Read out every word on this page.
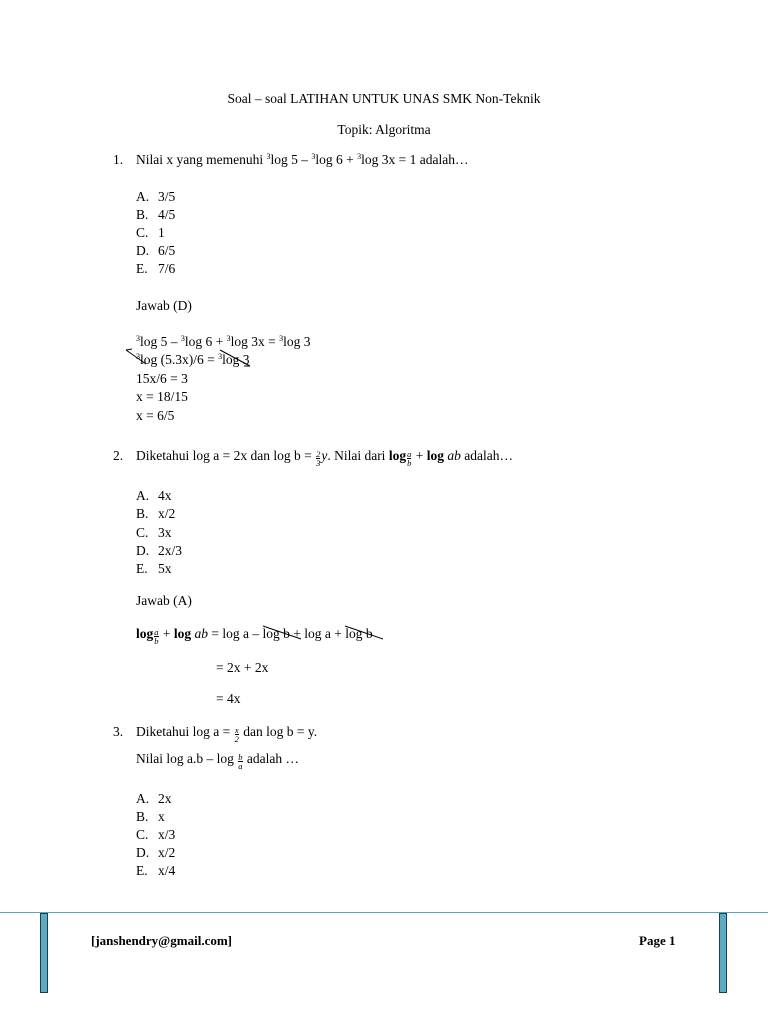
Soal – soal LATIHAN UNTUK UNAS SMK Non-Teknik
Topik: Algoritma
1. Nilai x yang memenuhi $^3$log 5 – $^3$log 6 + $^3$log 3x = 1 adalah…
A. 3/5
B. 4/5
C. 1
D. 6/5
E. 7/6
Jawab (D)
$^3$log 5 – $^3$log 6 + $^3$log 3x = $^3$log 3
$^3$log (5.3x)/6 = $^3$log 3
15x/6 = 3
x = 18/15
x = 6/5
2. Diketahui log a = 2x dan $\log b = \frac{2}{3} y$. Nilai dari $\log \frac{a}{b} + \log$ ab adalah…
A. 4x
B. x/2
C. 3x
D. 2x/3
E. 5x
Jawab (A)
$\log \frac{a}{b} + \log$ ab = log a – log b
+ log a + log b
= 2x + 2x
= 4x
3. Diketahui $\log a = \frac{x}{2}$ dan log b = y.
Nilai $\log a.b - \log \frac{b}{a}$ adalah …
A. 2x
B. x
C. x/3
D. x/2
E. x/4
[janshendry@gmail.com]	Page 1
